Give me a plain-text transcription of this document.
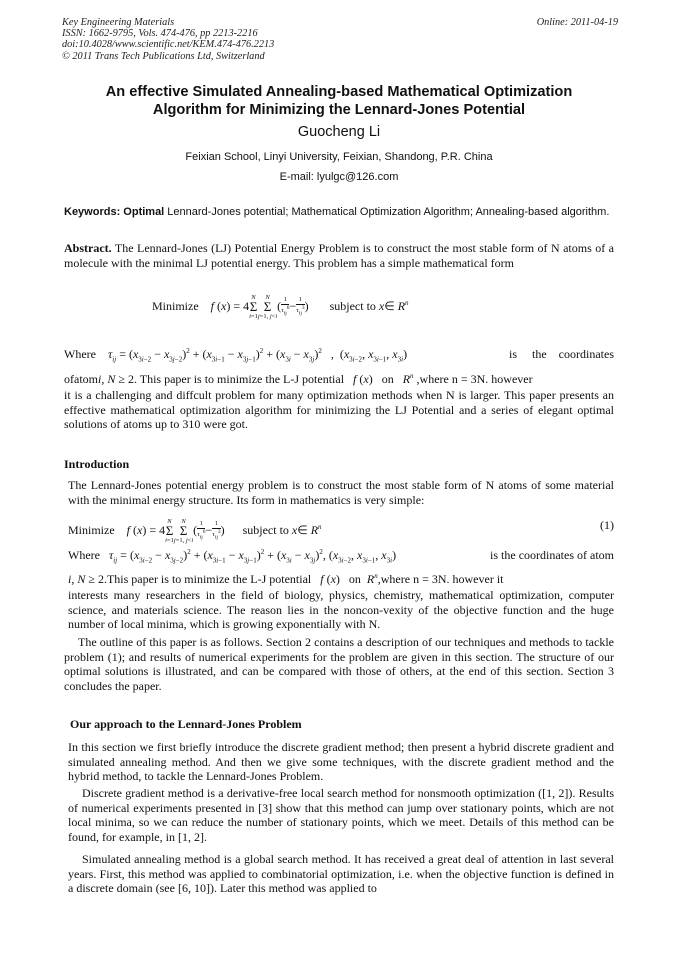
Key Engineering Materials
ISSN: 1662-9795, Vols. 474-476, pp 2213-2216
doi:10.4028/www.scientific.net/KEM.474-476.2213
© 2011 Trans Tech Publications Ltd, Switzerland
Online: 2011-04-19
An effective Simulated Annealing-based Mathematical Optimization
Algorithm for Minimizing the Lennard-Jones Potential
Guocheng Li
Feixian School, Linyi University, Feixian, Shandong, P.R. China
E-mail: lyulgc@126.com
Keywords: Optimal Lennard-Jones potential; Mathematical Optimization Algorithm; Annealing-based algorithm.
Abstract. The Lennard-Jones (LJ) Potential Energy Problem is to construct the most stable form of N atoms of a molecule with the minimal LJ potential energy. This problem has a simple mathematical form
Minimize f (x) = 4N
Σ
i=1N
Σ
j=1, $j<i( \frac{1}{\tau_{ij}^6} - \frac{1}{\tau_{ij}^3}$ )       subject to x∈ $R^n$
Where $\tau_{ij} = (x_{3i-2} - x_{3j-2})^2 + (x_{3i-1} - x_{3j-1})^2 + (x_{3i} - x_{3j})^2$   ,  ($x_{3i-2}$, $x_{3i-1}$, $x_{3i}$)	is     the    coordinates
ofatomi, N ≥ 2. This paper is to minimize the L-J potential f (x)   on $R^n$ ,where n = 3N. however
it is a challenging and diffcult problem for many optimization methods when N is larger. This paper presents an effective mathematical optimization algorithm for minimizing the LJ Potential and a series of elegant optimal solutions of atoms up to 310 were got.
Introduction
The Lennard-Jones potential energy problem is to construct the most stable form of N atoms of some material with the minimal energy structure. Its form in mathematics is very simple:
Minimize f (x) = 4N
Σ
i=1N
Σ
j=1, $j<i( \frac{1}{\tau_{ij}^6} - \frac{1}{\tau_{ij}^3}$ )      subject to x∈ $R^n$	(1)
Where $\tau_{ij} = (x_{3i-2} - x_{3j-2})^2 + (x_{3i-1} - x_{3j-1})^2 + (x_{3i} - x_{3j})^2$, ($x_{3i-2}$, $x_{3i-1}$, $x_{3i}$)	is the coordinates of atom
i, N ≥ 2.This paper is to minimize the L-J potential f (x)   on $R^n,where$ n = 3N. however it
interests many researchers in the field of biology, physics, chemistry, mathematical optimization, computer science, and materials science. The reason lies in the noncon-vexity of the objective function and the huge number of local minima, which is growing exponentially with N.
The outline of this paper is as follows. Section 2 contains a description of our techniques and methods to tackle problem (1); and results of numerical experiments for the problem are given in this section. The structure of our optimal solutions is illustrated, and can be compared with those of others, at the end of this section. Section 3 concludes the paper.
Our approach to the Lennard-Jones Problem
In this section we first briefly introduce the discrete gradient method; then present a hybrid discrete gradient and simulated annealing method. And then we give some techniques, with the discrete gradient method and the hybrid method, to tackle the Lennard-Jones Problem.
Discrete gradient method is a derivative-free local search method for nonsmooth optimization ([1, 2]). Results of numerical experiments presented in [3] show that this method can jump over stationary points, which are not local minima, so we can reduce the number of stationary points, which we meet. Details of this method can be found, for example, in [1, 2].
Simulated annealing method is a global search method. It has received a great deal of attention in last several years. First, this method was applied to combinatorial optimization, i.e. when the objective function is defined in a discrete domain (see [6, 10]). Later this method was applied to
